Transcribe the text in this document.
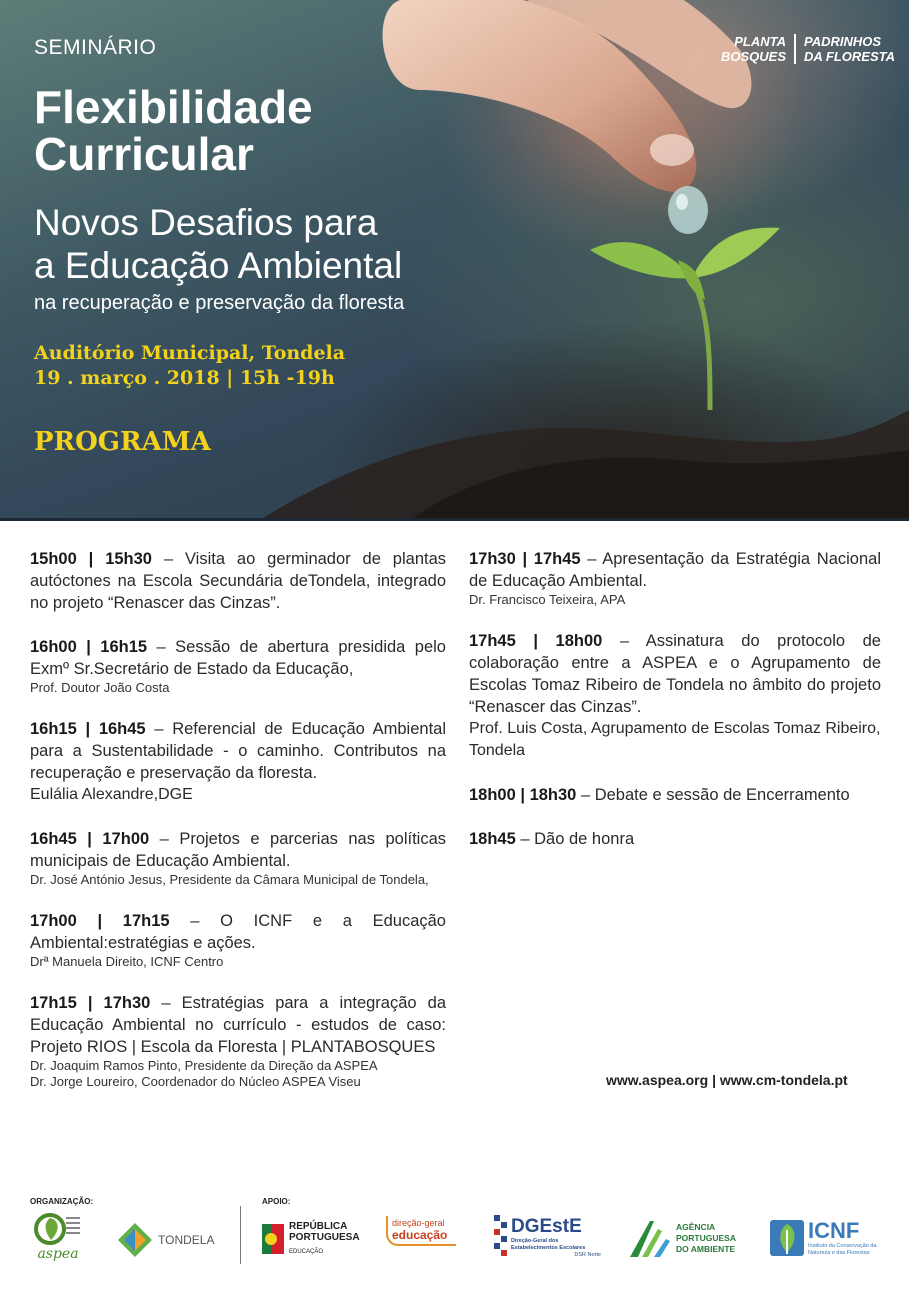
SEMINÁRIO
Flexibilidade
Curricular
Novos Desafios para
a Educação Ambiental
na recuperação e preservação da floresta
Auditório Municipal, Tondela
19 . março . 2018 | 15h -19h
PROGRAMA
PLANTA
BOSQUES
PADRINHOS
DA FLORESTA

15h00 | 15h30 – Visita ao germinador de plantas autóctones na Escola Secundária deTondela, integrado no projeto “Renascer das Cinzas”.

16h00 | 16h15 – Sessão de abertura presidida pelo Exmº Sr.Secretário de Estado da Educação,

Prof. Doutor João Costa

16h15 | 16h45 – Referencial de Educação Ambiental para a Sustentabilidade - o caminho. Contributos na recuperação e preservação da floresta.

Eulália Alexandre,DGE

16h45 | 17h00 – Projetos e parcerias nas políticas municipais de Educação Ambiental.

Dr. José António Jesus, Presidente da Câmara Municipal de Tondela,

17h00 | 17h15 – O ICNF e a Educação Ambiental:estratégias e ações.

Drª Manuela Direito, ICNF Centro

17h15 | 17h30 – Estratégias para a integração da Educação Ambiental no currículo - estudos de caso: Projeto RIOS | Escola da Floresta | PLANTABOSQUES

Dr. Joaquim Ramos Pinto, Presidente da Direção da ASPEA
Dr. Jorge Loureiro, Coordenador do Núcleo ASPEA Viseu

17h30 | 17h45 – Apresentação da Estratégia Nacional de Educação Ambiental.

Dr. Francisco Teixeira, APA

17h45 | 18h00 – Assinatura do protocolo de colaboração entre a ASPEA e o Agrupamento de Escolas Tomaz Ribeiro de Tondela no âmbito do projeto “Renascer das Cinzas”.

Prof. Luis Costa, Agrupamento de Escolas Tomaz Ribeiro, Tondela

18h00 | 18h30 – Debate e sessão de Encerramento

18h45 – Dão de honra

www.aspea.org | www.cm-tondela.pt
ORGANIZAÇÃO:	APOIO:
aspea
TONDELA
REPÚBLICA
PORTUGUESA
EDUCAÇÃO
direção-geral
educação	DGEstE
Direção-Geral dos Estabelecimentos Escolares
DSR Norte
AGÊNCIA
PORTUGUESA
DO AMBIENTE
ICNF
Instituto da Conservação da Natureza e das Florestas
